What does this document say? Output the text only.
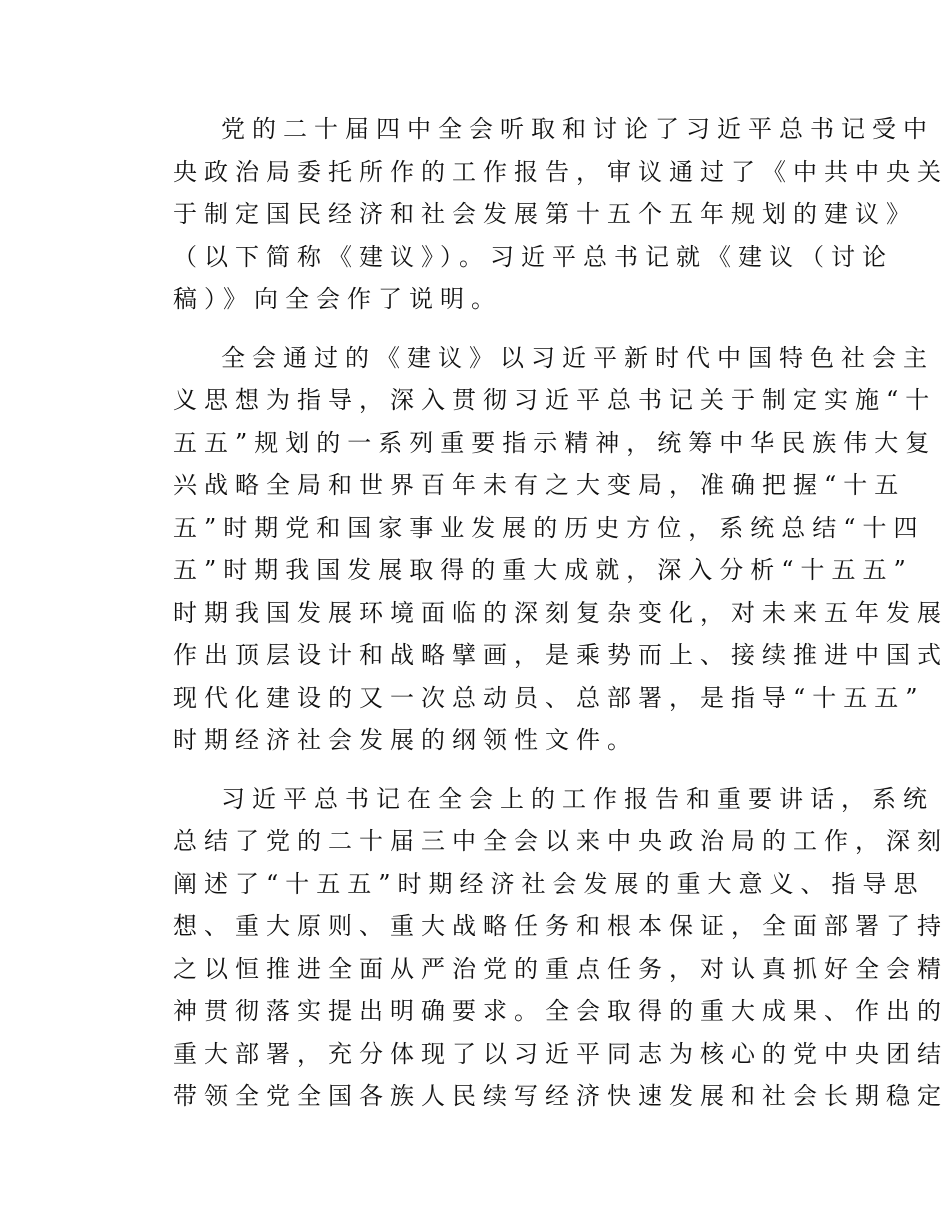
党的二十届四中全会听取和讨论了习近平总书记受中
央政治局委托所作的工作报告，审议通过了《中共中央关
于制定国民经济和社会发展第十五个五年规划的建议》
（以下简称《建议》）。习近平总书记就《建议（讨论
稿）》向全会作了说明。

全会通过的《建议》以习近平新时代中国特色社会主
义思想为指导，深入贯彻习近平总书记关于制定实施“十
五五”规划的一系列重要指示精神，统筹中华民族伟大复
兴战略全局和世界百年未有之大变局，准确把握“十五
五”时期党和国家事业发展的历史方位，系统总结“十四
五”时期我国发展取得的重大成就，深入分析“十五五”
时期我国发展环境面临的深刻复杂变化，对未来五年发展
作出顶层设计和战略擘画，是乘势而上、接续推进中国式
现代化建设的又一次总动员、总部署，是指导“十五五”
时期经济社会发展的纲领性文件。

习近平总书记在全会上的工作报告和重要讲话，系统
总结了党的二十届三中全会以来中央政治局的工作，深刻
阐述了“十五五”时期经济社会发展的重大意义、指导思
想、重大原则、重大战略任务和根本保证，全面部署了持
之以恒推进全面从严治党的重点任务，对认真抓好全会精
神贯彻落实提出明确要求。全会取得的重大成果、作出的
重大部署，充分体现了以习近平同志为核心的党中央团结
带领全党全国各族人民续写经济快速发展和社会长期稳定
